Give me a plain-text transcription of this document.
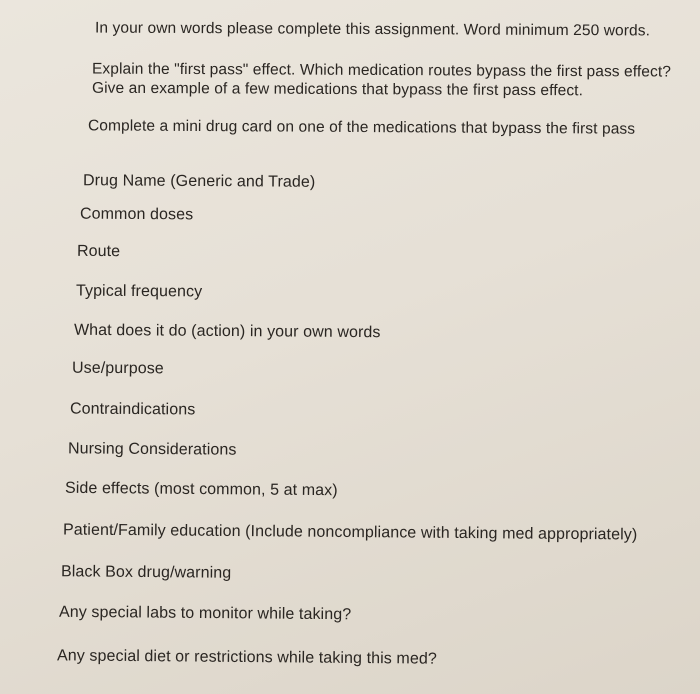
In your own words please complete this assignment. Word minimum 250 words.
Explain the "first pass" effect. Which medication routes bypass the first pass effect?
Give an example of a few medications that bypass the first pass effect.
Complete a mini drug card on one of the medications that bypass the first pass
Drug Name (Generic and Trade)
Common doses
Route
Typical frequency
What does it do (action) in your own words
Use/purpose
Contraindications
Nursing Considerations
Side effects (most common, 5 at max)
Patient/Family education (Include noncompliance with taking med appropriately)
Black Box drug/warning
Any special labs to monitor while taking?
Any special diet or restrictions while taking this med?
